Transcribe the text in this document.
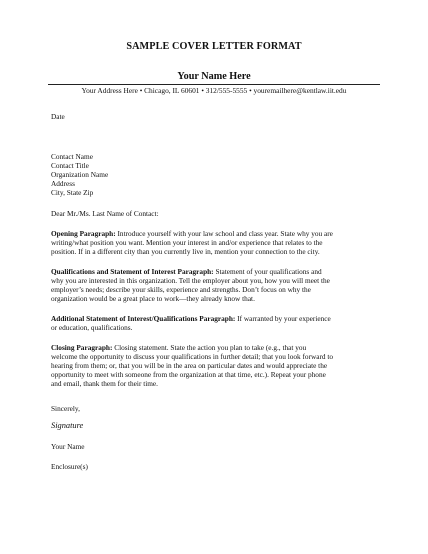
SAMPLE COVER LETTER FORMAT
Your Name Here
Your Address Here • Chicago, IL 60601 • 312/555-5555 • youremailhere@kentlaw.iit.edu

Date

Contact Name
Contact Title
Organization Name
Address
City, State Zip

Dear Mr./Ms. Last Name of Contact:

Opening Paragraph: Introduce yourself with your law school and class year. State why you are
writing/what position you want. Mention your interest in and/or experience that relates to the
position. If in a different city than you currently live in, mention your connection to the city.
Qualifications and Statement of Interest Paragraph: Statement of your qualifications and
why you are interested in this organization. Tell the employer about you, how you will meet the
employer’s needs; describe your skills, experience and strengths. Don’t focus on why the
organization would be a great place to work—they already know that.
Additional Statement of Interest/Qualifications Paragraph: If warranted by your experience
or education, qualifications.
Closing Paragraph: Closing statement. State the action you plan to take (e.g., that you
welcome the opportunity to discuss your qualifications in further detail; that you look forward to
hearing from them; or, that you will be in the area on particular dates and would appreciate the
opportunity to meet with someone from the organization at that time, etc.). Repeat your phone
and email, thank them for their time.

Sincerely,

Signature

Your Name

Enclosure(s)
